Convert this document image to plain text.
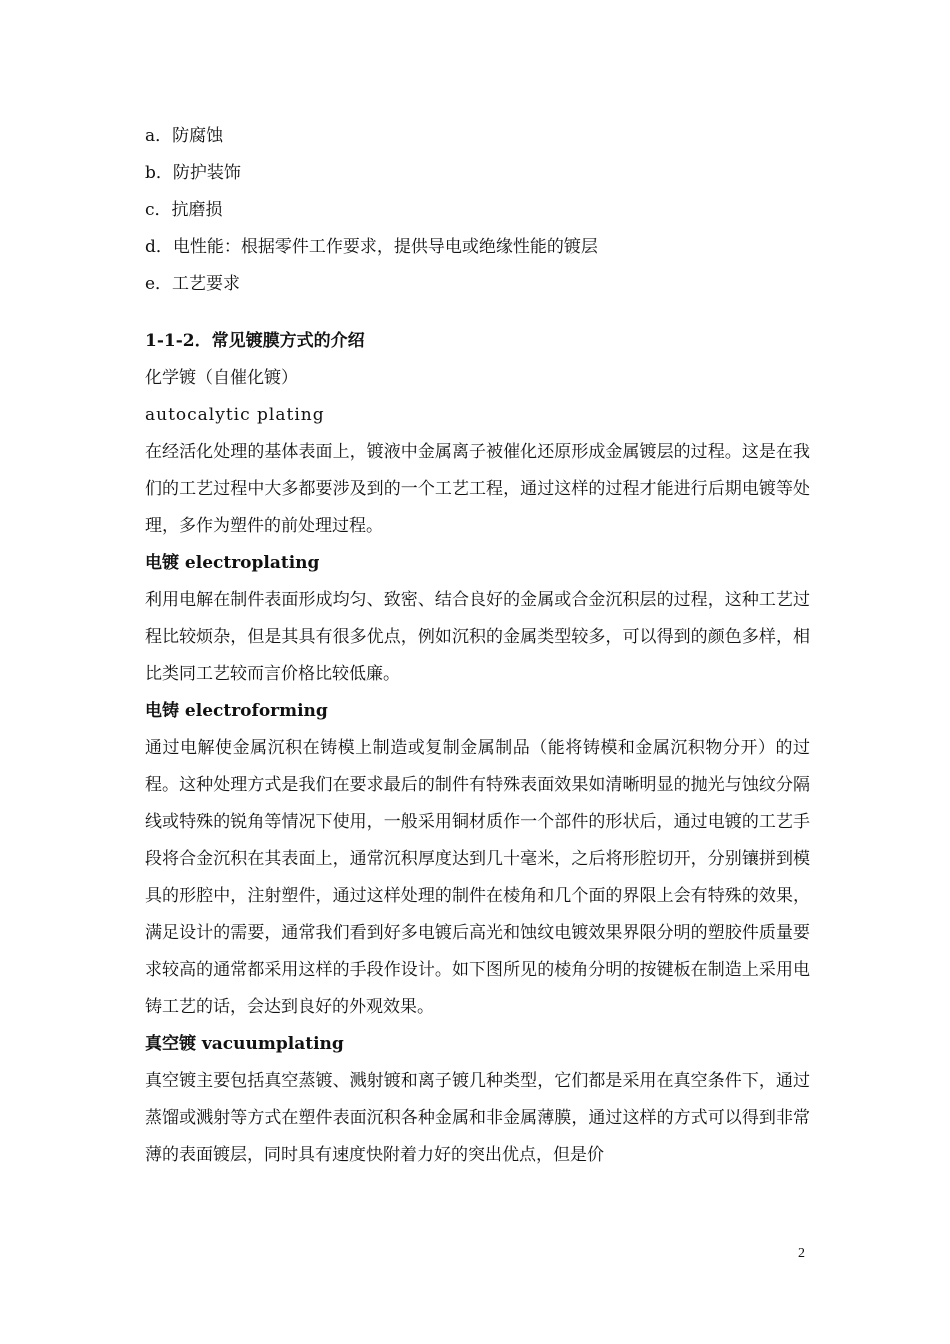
a．防腐蚀

b．防护装饰

c．抗磨损

d．电性能：根据零件工作要求，提供导电或绝缘性能的镀层

e．工艺要求

1-1-2．常见镀膜方式的介绍

化学镀（自催化镀）

autocalytic plating

在经活化处理的基体表面上，镀液中金属离子被催化还原形成金属镀层的过程。这是在我们的工艺过程中大多都要涉及到的一个工艺工程，通过这样的过程才能进行后期电镀等处理，多作为塑件的前处理过程。

电镀 electroplating

利用电解在制件表面形成均匀、致密、结合良好的金属或合金沉积层的过程，这种工艺过程比较烦杂，但是其具有很多优点，例如沉积的金属类型较多，可以得到的颜色多样，相比类同工艺较而言价格比较低廉。

电铸 electroforming

通过电解使金属沉积在铸模上制造或复制金属制品（能将铸模和金属沉积物分开）的过程。这种处理方式是我们在要求最后的制件有特殊表面效果如清晰明显的抛光与蚀纹分隔线或特殊的锐角等情况下使用，一般采用铜材质作一个部件的形状后，通过电镀的工艺手段将合金沉积在其表面上，通常沉积厚度达到几十毫米，之后将形腔切开，分别镶拼到模具的形腔中，注射塑件，通过这样处理的制件在棱角和几个面的界限上会有特殊的效果，满足设计的需要，通常我们看到好多电镀后高光和蚀纹电镀效果界限分明的塑胶件质量要求较高的通常都采用这样的手段作设计。如下图所见的棱角分明的按键板在制造上采用电铸工艺的话，会达到良好的外观效果。

真空镀 vacuumplating

真空镀主要包括真空蒸镀、溅射镀和离子镀几种类型，它们都是采用在真空条件下，通过蒸馏或溅射等方式在塑件表面沉积各种金属和非金属薄膜，通过这样的方式可以得到非常薄的表面镀层，同时具有速度快附着力好的突出优点，但是价

2
